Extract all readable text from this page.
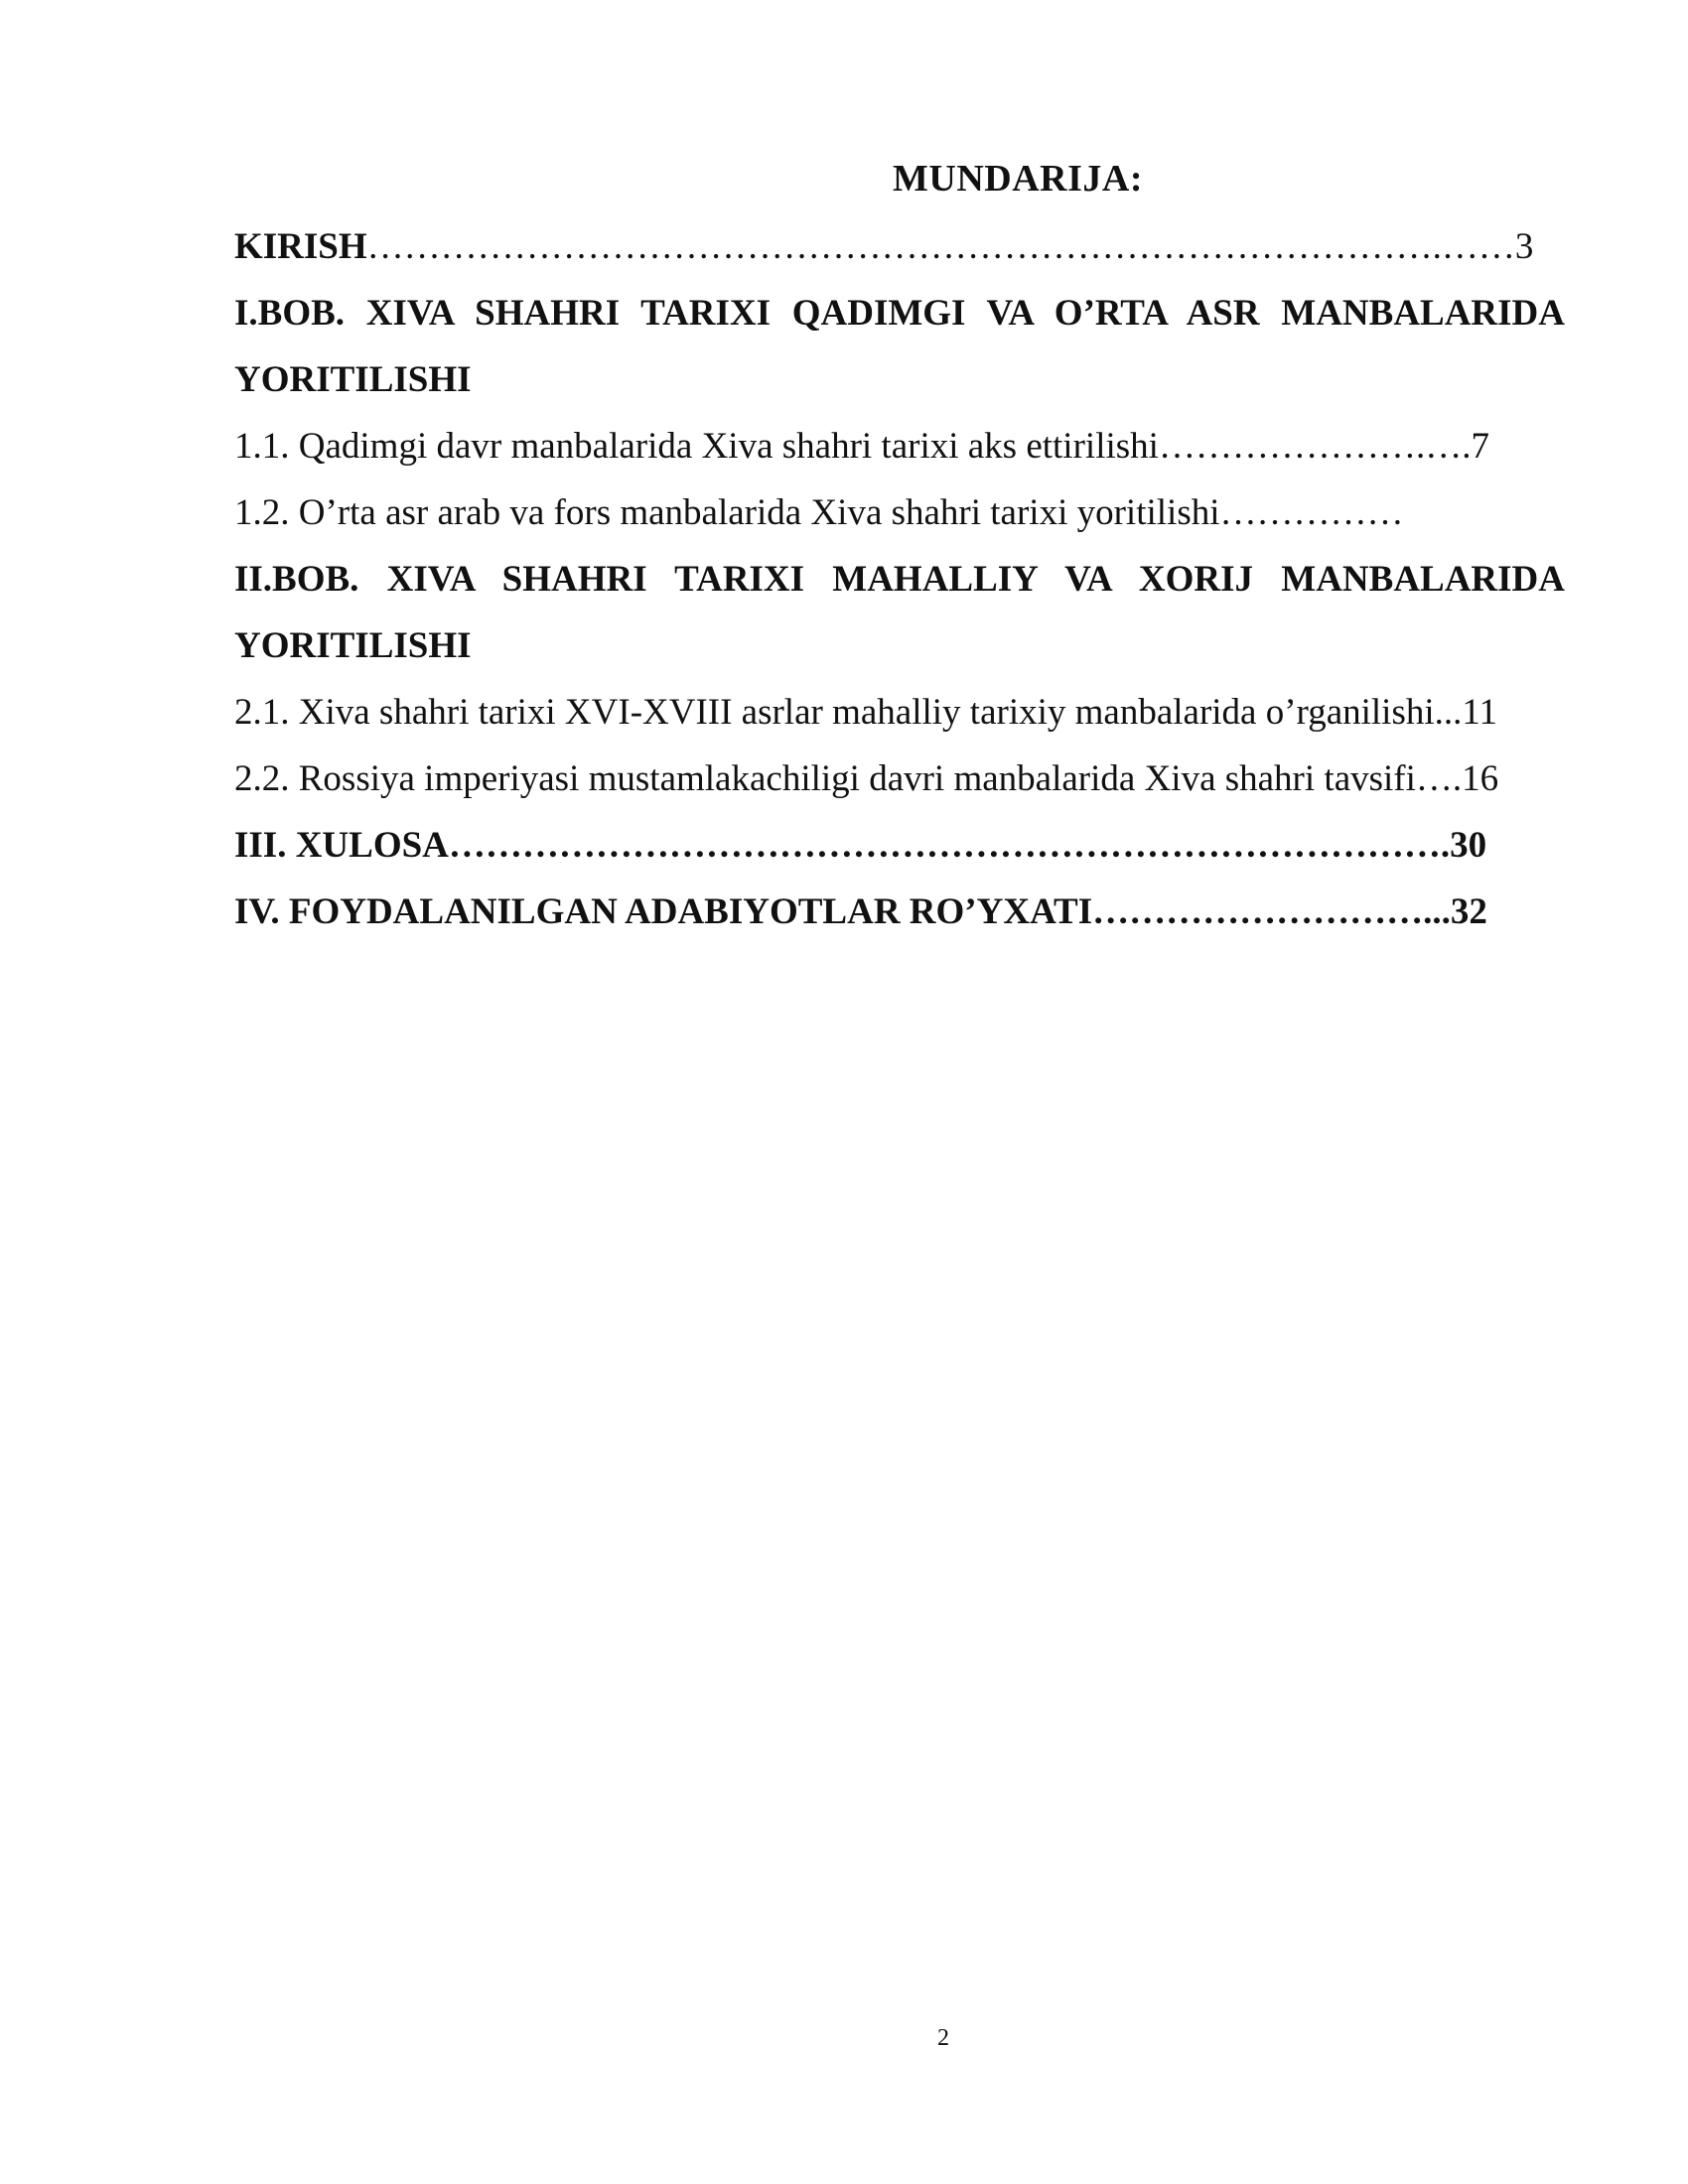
MUNDARIJA:
KIRISH…………………………………………………………………………….……3
I.BOB. XIVA SHAHRI TARIXI QADIMGI VA O’RTA ASR MANBALARIDA
YORITILISHI
1.1. Qadimgi davr manbalarida Xiva shahri tarixi aks ettirilishi………………….….7
1.2. O’rta asr arab va fors manbalarida Xiva shahri tarixi yoritilishi……………
II.BOB. XIVA SHAHRI TARIXI MAHALLIY VA XORIJ MANBALARIDA
YORITILISHI
2.1. Xiva shahri tarixi XVI-XVIII asrlar mahalliy tarixiy manbalarida o’rganilishi...11
2.2. Rossiya imperiyasi mustamlakachiligi davri manbalarida Xiva shahri tavsifi….16
III. XULOSA……………………………………………………………………….30
IV. FOYDALANILGAN ADABIYOTLAR RO’YXATI………………………...32
2
